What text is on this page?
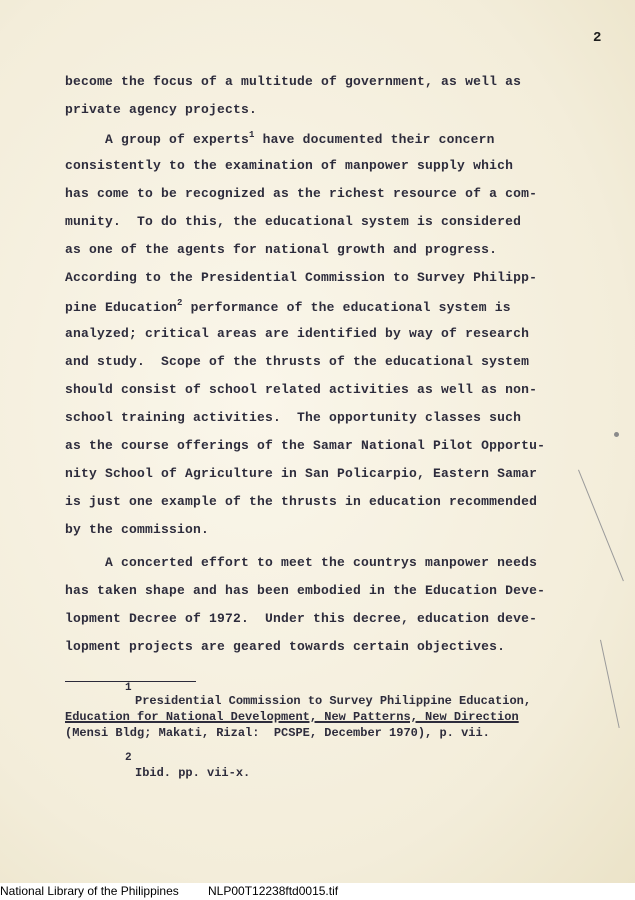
2
become the focus of a multitude of government, as well as
private agency projects.
A group of experts$^1$ have documented their concern
consistently to the examination of manpower supply which
has come to be recognized as the richest resource of a com-
munity.  To do this, the educational system is considered
as one of the agents for national growth and progress.
According to the Presidential Commission to Survey Philipp-
pine Education$^2$ performance of the educational system is
analyzed; critical areas are identified by way of research
and study.  Scope of the thrusts of the educational system
should consist of school related activities as well as non-
school training activities.  The opportunity classes such
as the course offerings of the Samar National Pilot Opportu-
nity School of Agriculture in San Policarpio, Eastern Samar
is just one example of the thrusts in education recommended
by the commission.
A concerted effort to meet the countrys manpower needs
has taken shape and has been embodied in the Education Deve-
lopment Decree of 1972.  Under this decree, education deve-
lopment projects are geared towards certain objectives.
1
Presidential Commission to Survey Philippine Education,
Education for National Development, New Patterns, New Direction
(Mensi Bldg; Makati, Rizal:  PCSPE, December 1970), p. vii.
2
Ibid. pp. vii-x.
National Library of the Philippines NLP00T12238ftd0015.tif
